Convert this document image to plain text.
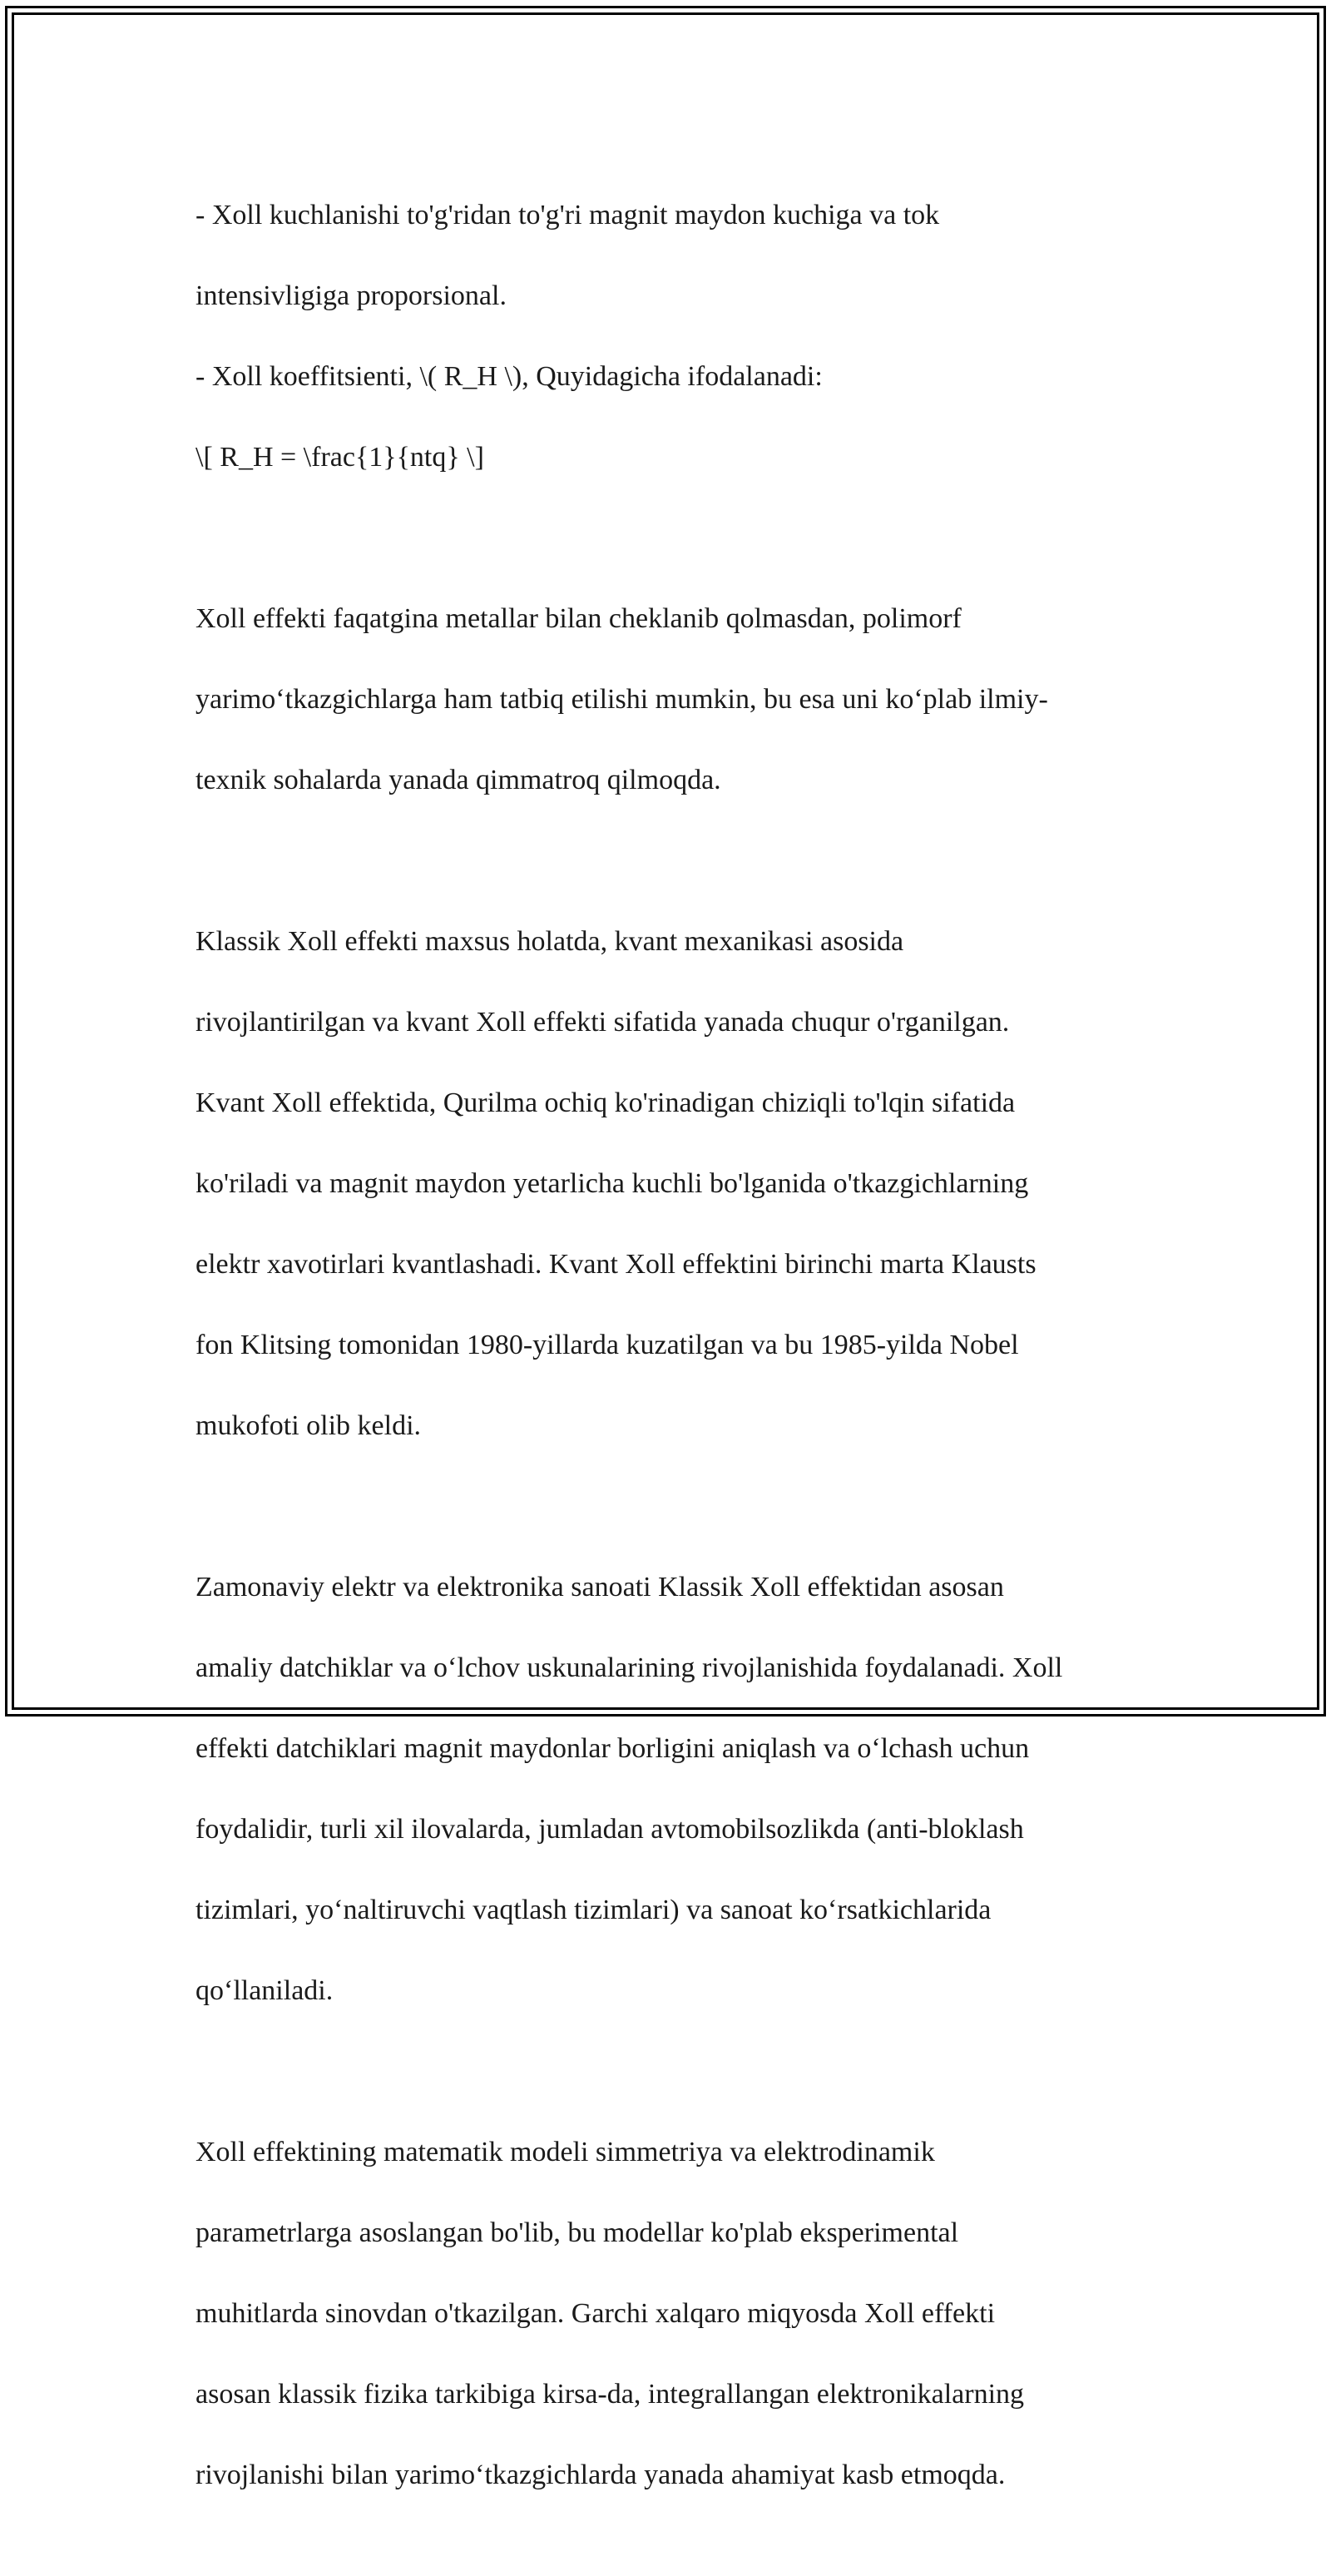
- Xoll kuchlanishi to'g'ridan to'g'ri magnit maydon kuchiga va tok

intensivligiga proporsional.

- Xoll koeffitsienti, \( R_H \), Quyidagicha ifodalanadi:

\[ R_H = \frac{1}{ntq} \]

Xoll effekti faqatgina metallar bilan cheklanib qolmasdan, polimorf

yarimo‘tkazgichlarga ham tatbiq etilishi mumkin, bu esa uni ko‘plab ilmiy-

texnik sohalarda yanada qimmatroq qilmoqda.

Klassik Xoll effekti maxsus holatda, kvant mexanikasi asosida

rivojlantirilgan va kvant Xoll effekti sifatida yanada chuqur o'rganilgan.

Kvant Xoll effektida, Qurilma ochiq ko'rinadigan chiziqli to'lqin sifatida

ko'riladi va magnit maydon yetarlicha kuchli bo'lganida o'tkazgichlarning

elektr xavotirlari kvantlashadi. Kvant Xoll effektini birinchi marta Klausts

fon Klitsing tomonidan 1980-yillarda kuzatilgan va bu 1985-yilda Nobel

mukofoti olib keldi.

Zamonaviy elektr va elektronika sanoati Klassik Xoll effektidan asosan

amaliy datchiklar va o‘lchov uskunalarining rivojlanishida foydalanadi. Xoll

effekti datchiklari magnit maydonlar borligini aniqlash va o‘lchash uchun

foydalidir, turli xil ilovalarda, jumladan avtomobilsozlikda (anti-bloklash

tizimlari, yo‘naltiruvchi vaqtlash tizimlari) va sanoat ko‘rsatkichlarida

qo‘llaniladi.

Xoll effektining matematik modeli simmetriya va elektrodinamik

parametrlarga asoslangan bo'lib, bu modellar ko'plab eksperimental

muhitlarda sinovdan o'tkazilgan. Garchi xalqaro miqyosda Xoll effekti

asosan klassik fizika tarkibiga kirsa-da, integrallangan elektronikalarning

rivojlanishi bilan yarimo‘tkazgichlarda yanada ahamiyat kasb etmoqda.
